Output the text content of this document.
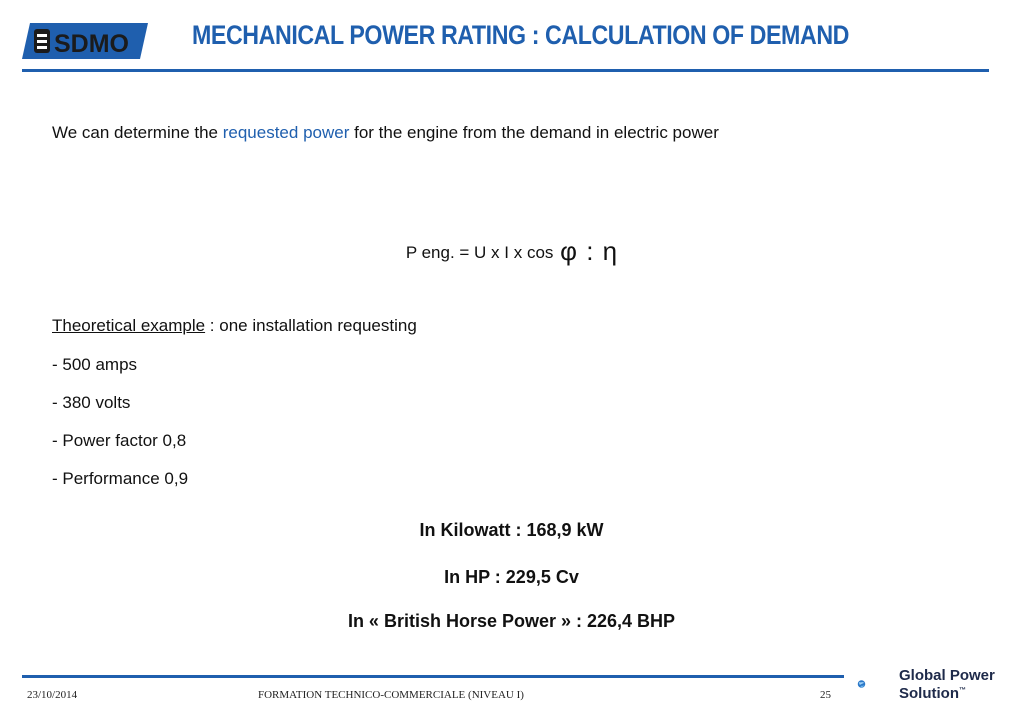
SDMO MECHANICAL POWER RATING : CALCULATION OF DEMAND
We can determine the requested power for the engine from the demand in electric power
P eng. = U x I x cos φ : η
Theoretical example : one installation requesting
- 500 amps
- 380 volts
- Power factor 0,8
- Performance 0,9
In Kilowatt : 168,9 kW
In HP : 229,5 Cv
In « British Horse Power » : 226,4 BHP
23/10/2014	FORMATION TECHNICO-COMMERCIALE (NIVEAU I)	25
Global Power
Solution™
